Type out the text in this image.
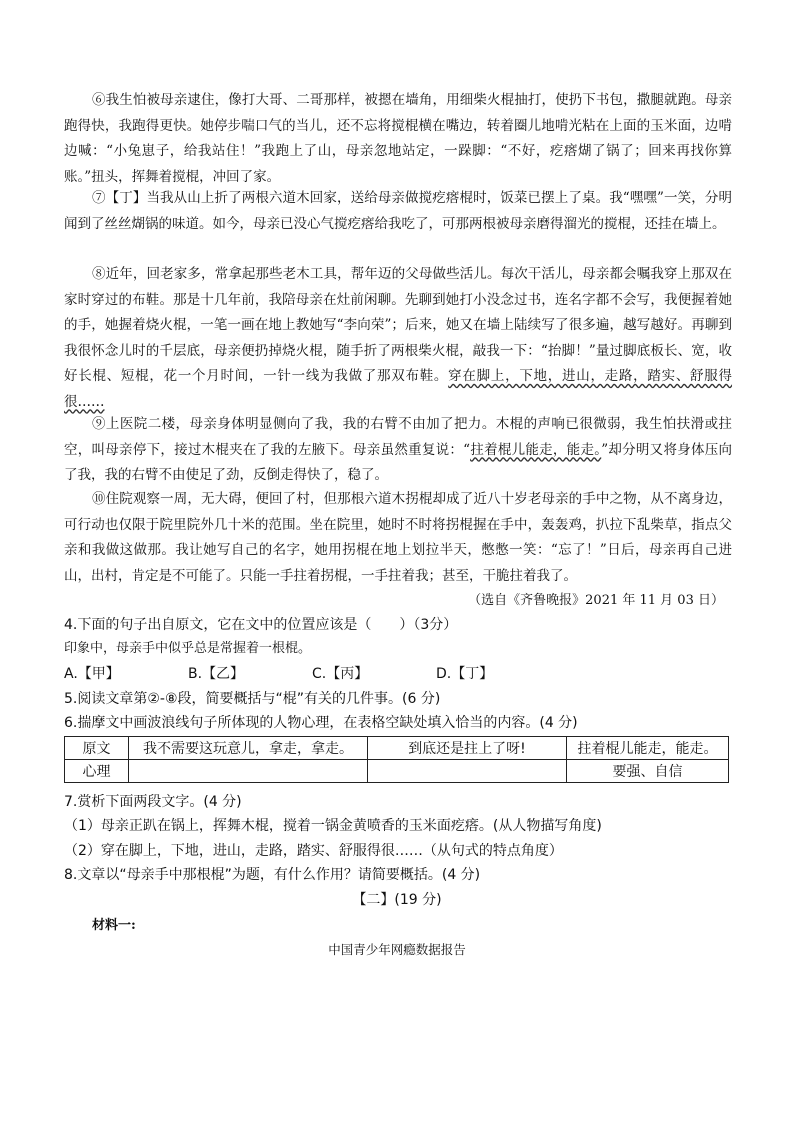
⑥我生怕被母亲逮住，像打大哥、二哥那样，被摁在墙角，用细柴火棍抽打，使扔下书包，撒腿就跑。母亲跑得快，我跑得更快。她停步喘口气的当儿，还不忘将搅棍横在嘴边，转着圈儿地啃光粘在上面的玉米面，边啃边喊：“小兔崽子，给我站住！”我跑上了山，母亲忽地站定，一跺脚：“不好，疙瘩煳了锅了；回来再找你算账。”扭头，挥舞着搅棍，冲回了家。

⑦【丁】当我从山上折了两根六道木回家，送给母亲做搅疙瘩棍时，饭菜已摆上了桌。我“嘿嘿”一笑，分明闻到了丝丝煳锅的味道。如今，母亲已没心气搅疙瘩给我吃了，可那两根被母亲磨得溜光的搅棍，还挂在墙上。

⑧近年，回老家多，常拿起那些老木工具，帮年迈的父母做些活儿。每次干活儿，母亲都会嘱我穿上那双在家时穿过的布鞋。那是十几年前，我陪母亲在灶前闲聊。先聊到她打小没念过书，连名字都不会写，我便握着她的手，她握着烧火棍，一笔一画在地上教她写“李向荣”；后来，她又在墙上陆续写了很多遍，越写越好。再聊到我很怀念儿时的千层底，母亲便扔掉烧火棍，随手折了两根柴火棍，敲我一下：“抬脚！”量过脚底板长、宽，收好长棍、短棍，花一个月时间，一针一线为我做了那双布鞋。穿在脚上，下地，进山，走路，踏实、舒服得很……

⑨上医院二楼，母亲身体明显侧向了我，我的右臂不由加了把力。木棍的声响已很微弱，我生怕扶滑或拄空，叫母亲停下，接过木棍夹在了我的左腋下。母亲虽然重复说：“拄着棍儿能走，能走。”却分明又将身体压向了我，我的右臂不由使足了劲，反倒走得快了，稳了。

⑩住院观察一周，无大碍，便回了村，但那根六道木拐棍却成了近八十岁老母亲的手中之物，从不离身边，可行动也仅限于院里院外几十米的范围。坐在院里，她时不时将拐棍握在手中，轰轰鸡，扒拉下乱柴草，指点父亲和我做这做那。我让她写自己的名字，她用拐棍在地上划拉半天，憋憋一笑：“忘了！”日后，母亲再自己进山，出村，肯定是不可能了。只能一手拄着拐棍，一手拄着我；甚至，干脆拄着我了。

（选自《齐鲁晚报》2021 年 11 月 03 日）

4.下面的句子出自原文，它在文中的位置应该是（　　）（3分）

印象中，母亲手中似乎总是常握着一根棍。

A.【甲】	B.【乙】	C.【丙】	D.【丁】

5.阅读文章第②-⑧段，简要概括与“棍”有关的几件事。(6 分)

6.揣摩文中画波浪线句子所体现的人物心理，在表格空缺处填入恰当的内容。(4 分)

原文	我不需要这玩意儿，拿走，拿走。	到底还是拄上了呀!	拄着棍儿能走，能走。
心理			要强、自信

7.赏析下面两段文字。(4 分)

（1）母亲正趴在锅上，挥舞木棍，搅着一锅金黄喷香的玉米面疙瘩。(从人物描写角度)

（2）穿在脚上，下地，进山，走路，踏实、舒服得很……（从句式的特点角度）

8.文章以“母亲手中那根棍”为题，有什么作用？请简要概括。(4 分)

【二】(19 分)
材料一:
中国青少年网瘾数据报告
